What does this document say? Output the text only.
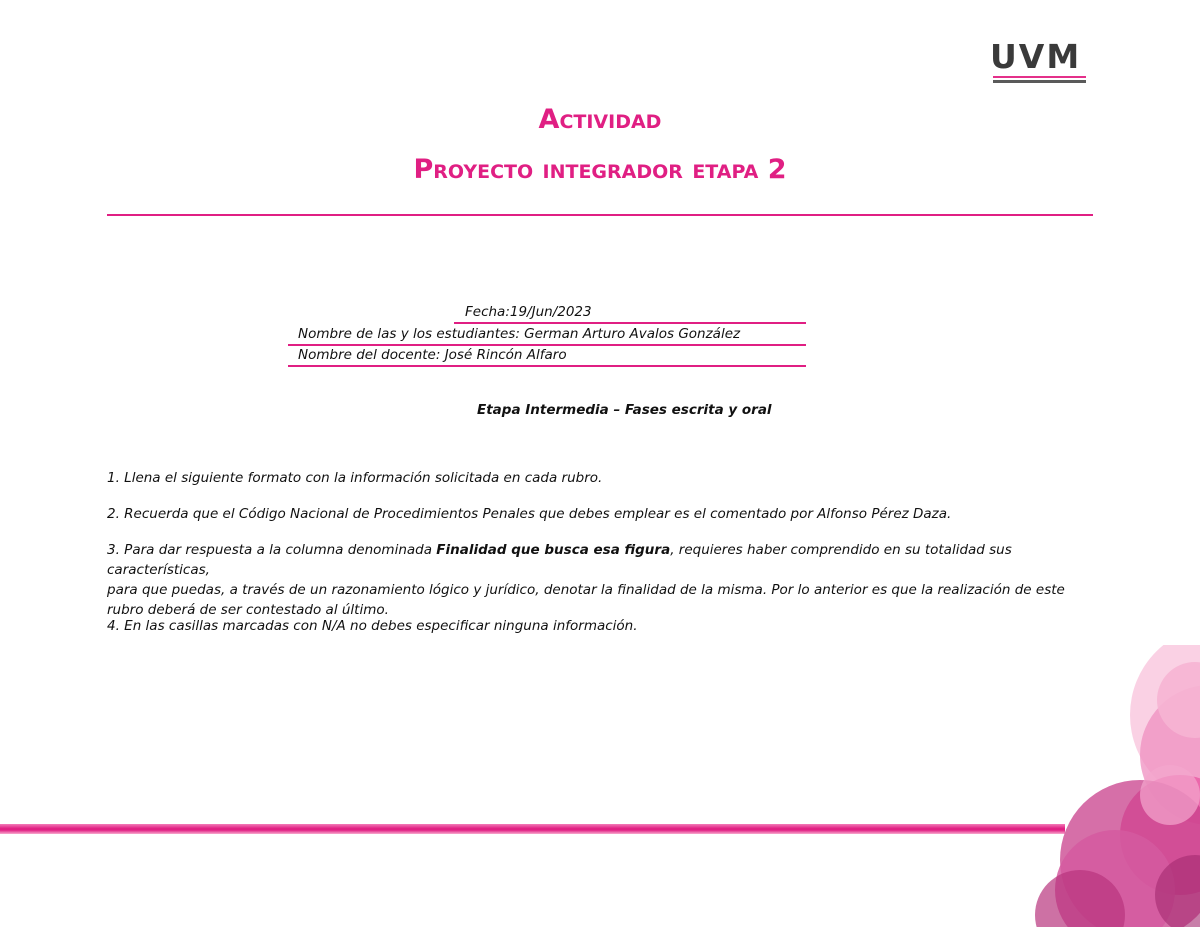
UVM
Actividad
Proyecto integrador etapa 2
Fecha:19/Jun/2023
Nombre de las y los estudiantes: German Arturo Avalos González
Nombre del docente: José Rincón Alfaro
Etapa Intermedia – Fases escrita y oral
1. Llena el siguiente formato con la información solicitada en cada rubro.
2. Recuerda que el Código Nacional de Procedimientos Penales que debes emplear es el comentado por Alfonso Pérez Daza.
3. Para dar respuesta a la columna denominada Finalidad que busca esa figura, requieres haber comprendido en su totalidad sus características,
para que puedas, a través de un razonamiento lógico y jurídico, denotar la finalidad de la misma. Por lo anterior es que la realización de este
rubro deberá de ser contestado al último.
4. En las casillas marcadas con N/A no debes especificar ninguna información.
